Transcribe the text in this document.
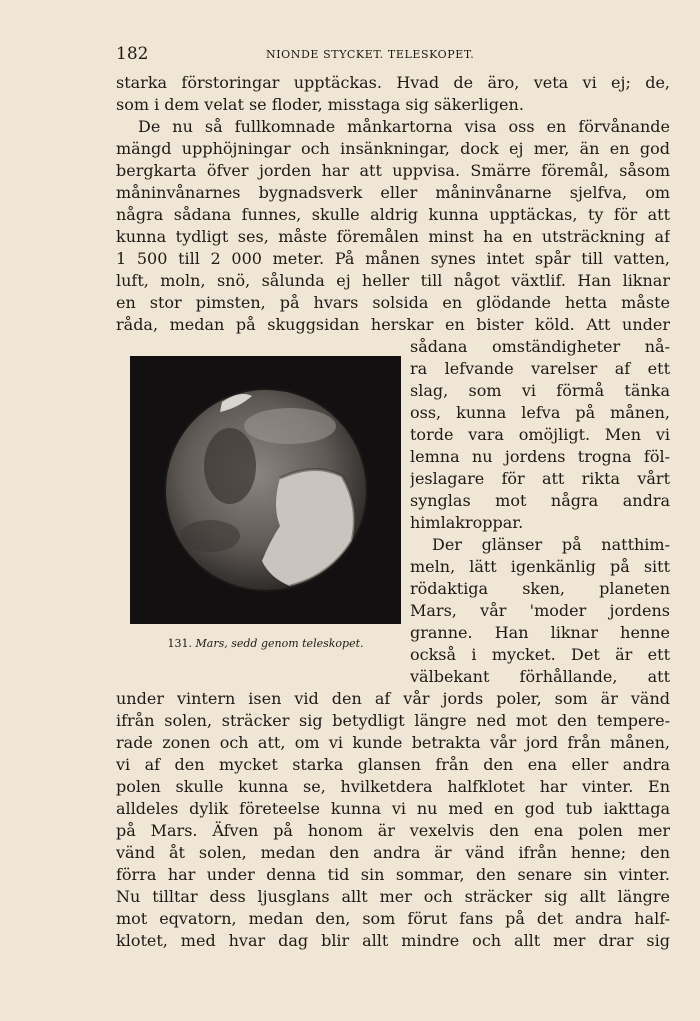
182	NIONDE STYCKET. TELESKOPET.
starka förstoringar upptäckas. Hvad de äro, veta vi ej; de,
som i dem velat se floder, misstaga sig säkerligen.
De nu så fullkomnade månkartorna visa oss en förvånande
mängd upphöjningar och insänkningar, dock ej mer, än en god
bergkarta öfver jorden har att uppvisa. Smärre föremål, såsom
måninvånarnes bygnadsverk eller måninvånarne sjelfva, om
några sådana funnes, skulle aldrig kunna upptäckas, ty för att
kunna tydligt ses, måste föremålen minst ha en utsträckning af
1 500 till 2 000 meter. På månen synes intet spår till vatten,
luft, moln, snö, sålunda ej heller till något växtlif. Han liknar
en stor pimsten, på hvars solsida en glödande hetta måste
råda, medan på skuggsidan herskar en bister köld. Att under
131. Mars, sedd genom teleskopet.
sådana omständigheter nå-
ra lefvande varelser af ett
slag, som vi förmå tänka
oss, kunna lefva på månen,
torde vara omöjligt. Men vi
lemna nu jordens trogna föl-
jeslagare för att rikta vårt
synglas mot några andra
himlakroppar.
Der glänser på natthim-
meln, lätt igenkänlig på sitt
rödaktiga sken, planeten
Mars, vår 'moder jordens
granne. Han liknar henne
också i mycket. Det är ett
välbekant förhållande, att
under vintern isen vid den af vår jords poler, som är vänd
ifrån solen, sträcker sig betydligt längre ned mot den tempere-
rade zonen och att, om vi kunde betrakta vår jord från månen,
vi af den mycket starka glansen från den ena eller andra
polen skulle kunna se, hvilketdera halfklotet har vinter. En
alldeles dylik företeelse kunna vi nu med en god tub iakttaga
på Mars. Äfven på honom är vexelvis den ena polen mer
vänd åt solen, medan den andra är vänd ifrån henne; den
förra har under denna tid sin sommar, den senare sin vinter.
Nu tilltar dess ljusglans allt mer och sträcker sig allt längre
mot eqvatorn, medan den, som förut fans på det andra half-
klotet, med hvar dag blir allt mindre och allt mer drar sig
